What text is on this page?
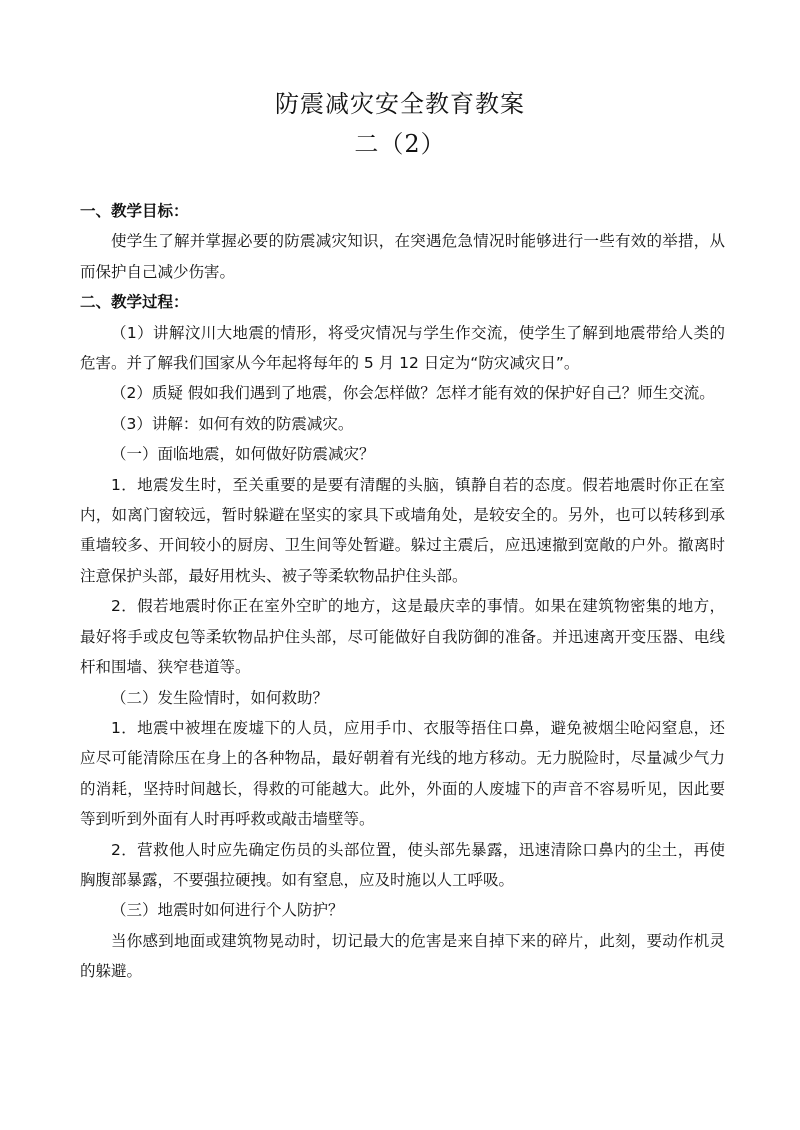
防震减灾安全教育教案
二（2）

一、教学目标：

使学生了解并掌握必要的防震减灾知识，在突遇危急情况时能够进行一些有效的举措，从而保护自己减少伤害。

二、教学过程：

（1）讲解汶川大地震的情形，将受灾情况与学生作交流，使学生了解到地震带给人类的危害。并了解我们国家从今年起将每年的 5 月 12 日定为“防灾减灾日”。

（2）质疑 假如我们遇到了地震，你会怎样做？怎样才能有效的保护好自己？师生交流。

（3）讲解：如何有效的防震减灾。

（一）面临地震，如何做好防震减灾？

1．地震发生时，至关重要的是要有清醒的头脑，镇静自若的态度。假若地震时你正在室内，如离门窗较远，暂时躲避在坚实的家具下或墙角处，是较安全的。另外，也可以转移到承重墙较多、开间较小的厨房、卫生间等处暂避。躲过主震后，应迅速撤到宽敞的户外。撤离时注意保护头部，最好用枕头、被子等柔软物品护住头部。

2．假若地震时你正在室外空旷的地方，这是最庆幸的事情。如果在建筑物密集的地方，最好将手或皮包等柔软物品护住头部，尽可能做好自我防御的准备。并迅速离开变压器、电线杆和围墙、狭窄巷道等。

（二）发生险情时，如何救助？

1．地震中被埋在废墟下的人员，应用手巾、衣服等捂住口鼻，避免被烟尘呛闷窒息，还应尽可能清除压在身上的各种物品，最好朝着有光线的地方移动。无力脱险时，尽量减少气力的消耗，坚持时间越长，得救的可能越大。此外，外面的人废墟下的声音不容易听见，因此要等到听到外面有人时再呼救或敲击墙壁等。

2．营救他人时应先确定伤员的头部位置，使头部先暴露，迅速清除口鼻内的尘土，再使胸腹部暴露，不要强拉硬拽。如有窒息，应及时施以人工呼吸。

（三）地震时如何进行个人防护？

当你感到地面或建筑物晃动时，切记最大的危害是来自掉下来的碎片，此刻，要动作机灵的躲避。
